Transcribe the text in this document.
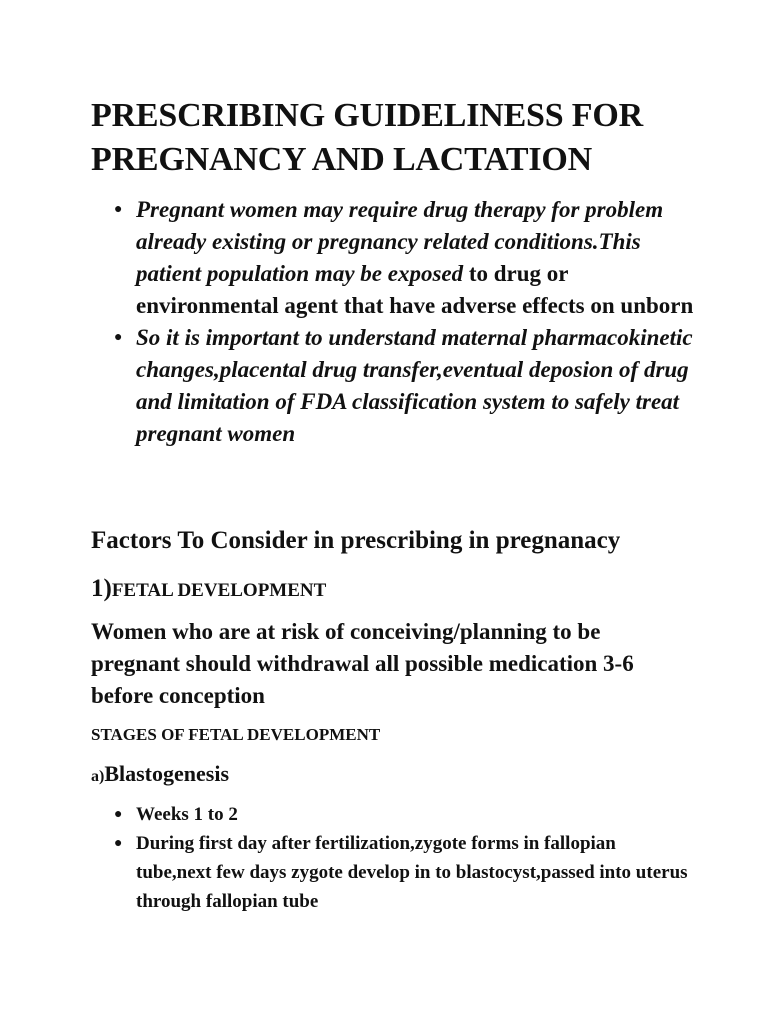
PRESCRIBING GUIDELINESS FOR
PREGNANCY AND LACTATION
● Pregnant women may require drug therapy for problem already existing or pregnancy related conditions.This patient population may be exposed to drug or environmental agent that have adverse effects on unborn
● So it is important to understand maternal pharmacokinetic changes,placental drug transfer,eventual deposion of drug and limitation of FDA classification system to safely treat pregnant women
Factors To Consider in prescribing in pregnanacy
1)FETAL DEVELOPMENT

Women who are at risk of conceiving/planning to be pregnant should withdrawal all possible medication 3-6 before conception

STAGES OF FETAL DEVELOPMENT
a)Blastogenesis
● Weeks 1 to 2
● During first day after fertilization,zygote forms in fallopian tube,next few days zygote develop in to blastocyst,passed into uterus through fallopian tube
